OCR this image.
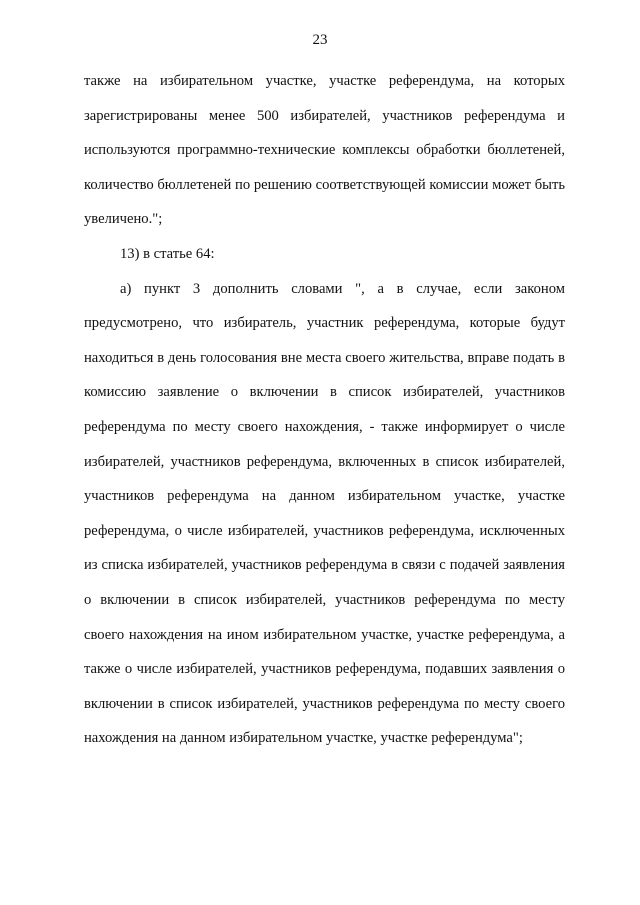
23

также на избирательном участке, участке референдума, на которых зарегистрированы менее 500 избирателей, участников референдума и используются программно-технические комплексы обработки бюллетеней, количество бюллетеней по решению соответствующей комиссии может быть увеличено.";

13) в статье 64:

а) пункт 3 дополнить словами ", а в случае, если законом предусмотрено, что избиратель, участник референдума, которые будут находиться в день голосования вне места своего жительства, вправе подать в комиссию заявление о включении в список избирателей, участников референдума по месту своего нахождения, - также информирует о числе избирателей, участников референдума, включенных в список избирателей, участников референдума на данном избирательном участке, участке референдума, о числе избирателей, участников референдума, исключенных из списка избирателей, участников референдума в связи с подачей заявления о включении в список избирателей, участников референдума по месту своего нахождения на ином избирательном участке, участке референдума, а также о числе избирателей, участников референдума, подавших заявления о включении в список избирателей, участников референдума по месту своего нахождения на данном избирательном участке, участке референдума";
